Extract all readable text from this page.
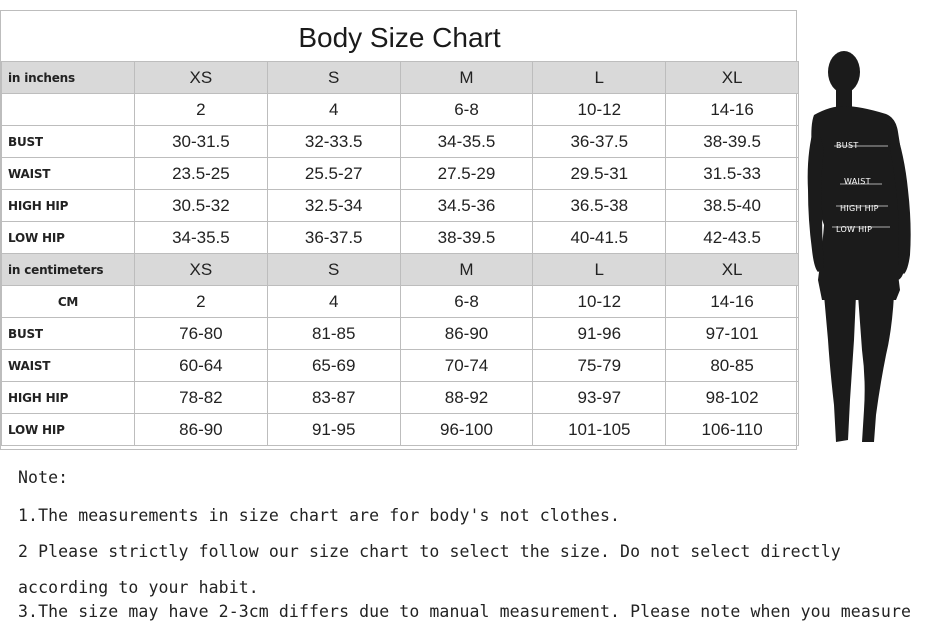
Body Size Chart
in inchens	XS	S	M	L	XL
	2	4	6-8	10-12	14-16
BUST	30-31.5	32-33.5	34-35.5	36-37.5	38-39.5
WAIST	23.5-25	25.5-27	27.5-29	29.5-31	31.5-33
HIGH HIP	30.5-32	32.5-34	34.5-36	36.5-38	38.5-40
LOW HIP	34-35.5	36-37.5	38-39.5	40-41.5	42-43.5
in centimeters	XS	S	M	L	XL
CM	2	4	6-8	10-12	14-16
BUST	76-80	81-85	86-90	91-96	97-101
WAIST	60-64	65-69	70-74	75-79	80-85
HIGH HIP	78-82	83-87	88-92	93-97	98-102
LOW HIP	86-90	91-95	96-100	101-105	106-110
BUST
WAIST
HIGH HIP
LOW HIP
Note:
1.The measurements in size chart are for body's not clothes.
2 Please strictly follow our size chart to select the size. Do not select directly
according to your habit.
3.The size may have 2-3cm differs due to manual measurement. Please note when you measure
